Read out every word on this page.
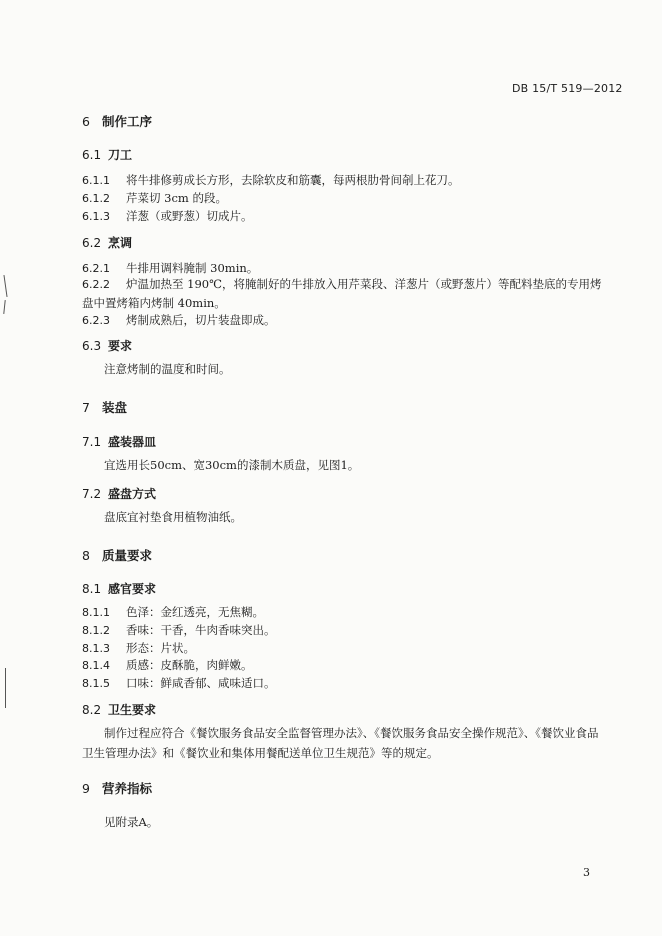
DB 15/T 519—2012
6 制作工序
6.1 刀工
6.1.1 将牛排修剪成长方形，去除软皮和筋囊，每两根肋骨间剞上花刀。
6.1.2 芹菜切 3cm 的段。
6.1.3 洋葱（或野葱）切成片。
6.2 烹调
6.2.1 牛排用调料腌制 30min。
6.2.2 炉温加热至 190℃，将腌制好的牛排放入用芹菜段、洋葱片（或野葱片）等配料垫底的专用烤盘中置烤箱内烤制 40min。
6.2.3 烤制成熟后，切片装盘即成。
6.3 要求
注意烤制的温度和时间。
7 装盘
7.1 盛装器皿
宜选用长50cm、宽30cm的漆制木质盘，见图1。
7.2 盛盘方式
盘底宜衬垫食用植物油纸。
8 质量要求
8.1 感官要求
8.1.1 色泽：金红透亮，无焦糊。
8.1.2 香味：干香，牛肉香味突出。
8.1.3 形态：片状。
8.1.4 质感：皮酥脆，肉鲜嫩。
8.1.5 口味：鲜咸香郁、咸味适口。
8.2 卫生要求
制作过程应符合《餐饮服务食品安全监督管理办法》、《餐饮服务食品安全操作规范》、《餐饮业食品卫生管理办法》和《餐饮业和集体用餐配送单位卫生规范》等的规定。
9 营养指标
见附录A。
3
